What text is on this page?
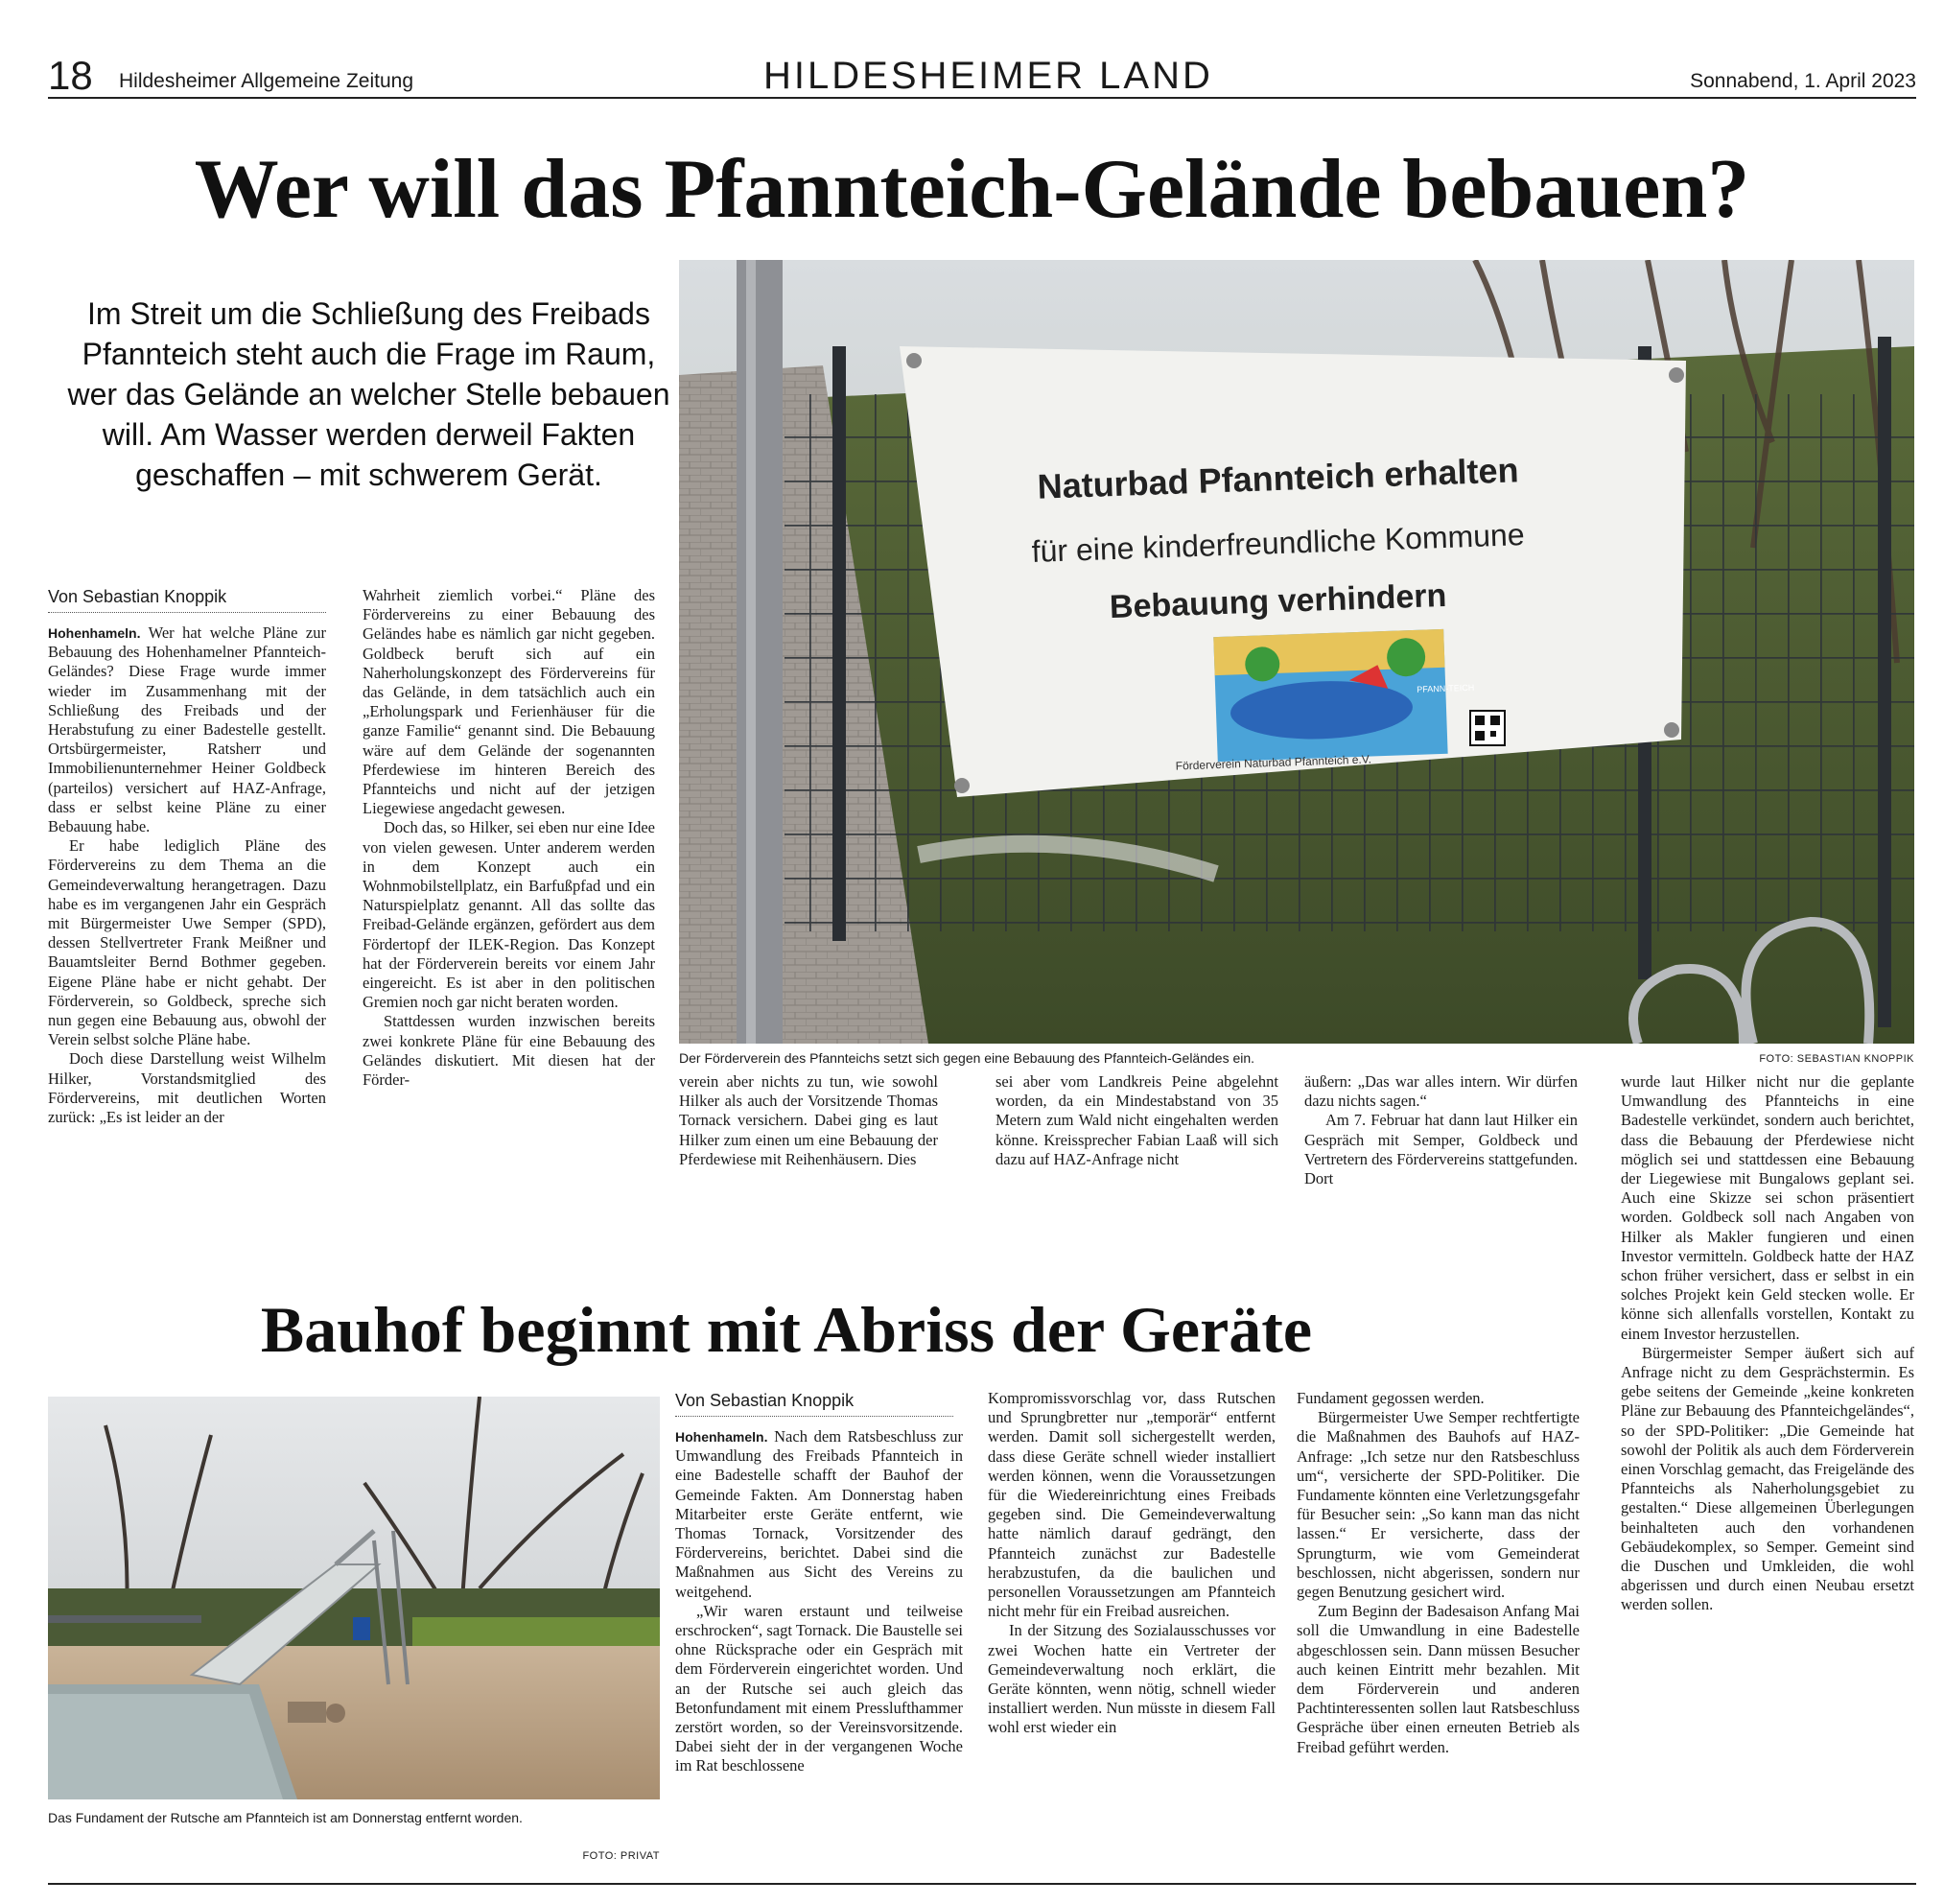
18 Hildesheimer Allgemeine Zeitung	HILDESHEIMER LAND	Sonnabend, 1. April 2023
Wer will das Pfannteich-Gelände bebauen?
Im Streit um die Schließung des Freibads Pfannteich steht auch die Frage im Raum, wer das Gelände an welcher Stelle bebauen will. Am Wasser werden derweil Fakten geschaffen – mit schwerem Gerät.
Von Sebastian Knoppik

Hohenhameln. Wer hat welche Pläne zur Bebauung des Hohenhamelner Pfannteich-Geländes? Diese Frage wurde immer wieder im Zusammenhang mit der Schließung des Freibads und der Herabstufung zu einer Badestelle gestellt. Ortsbürgermeister, Ratsherr und Immobilienunternehmer Heiner Goldbeck (parteilos) versichert auf HAZ-Anfrage, dass er selbst keine Pläne zu einer Bebauung habe.

Er habe lediglich Pläne des Fördervereins zu dem Thema an die Gemeindeverwaltung herangetragen. Dazu habe es im vergangenen Jahr ein Gespräch mit Bürgermeister Uwe Semper (SPD), dessen Stellvertreter Frank Meißner und Bauamtsleiter Bernd Bothmer gegeben. Eigene Pläne habe er nicht gehabt. Der Förderverein, so Goldbeck, spreche sich nun gegen eine Bebauung aus, obwohl der Verein selbst solche Pläne habe.

Doch diese Darstellung weist Wilhelm Hilker, Vorstandsmitglied des Fördervereins, mit deutlichen Worten zurück: „Es ist leider an der

Wahrheit ziemlich vorbei.“ Pläne des Fördervereins zu einer Bebauung des Geländes habe es nämlich gar nicht gegeben. Goldbeck beruft sich auf ein Naherholungskonzept des Fördervereins für das Gelände, in dem tatsächlich auch ein „Erholungspark und Ferienhäuser für die ganze Familie“ genannt sind. Die Bebauung wäre auf dem Gelände der sogenannten Pferdewiese im hinteren Bereich des Pfannteichs und nicht auf der jetzigen Liegewiese angedacht gewesen.

Doch das, so Hilker, sei eben nur eine Idee von vielen gewesen. Unter anderem werden in dem Konzept auch ein Wohnmobilstellplatz, ein Barfußpfad und ein Naturspielplatz genannt. All das sollte das Freibad-Gelände ergänzen, gefördert aus dem Fördertopf der ILEK-Region. Das Konzept hat der Förderverein bereits vor einem Jahr eingereicht. Es ist aber in den politischen Gremien noch gar nicht beraten worden.

Stattdessen wurden inzwischen bereits zwei konkrete Pläne für eine Bebauung des Geländes diskutiert. Mit diesen hat der Förder-

Naturbad Pfannteich erhalten
für eine kinderfreundliche Kommune
Bebauung verhindern
PFANN-TEICH
Förderverein Naturbad Pfannteich e.V.
Der Förderverein des Pfannteichs setzt sich gegen eine Bebauung des Pfannteich-Geländes ein.	FOTO: SEBASTIAN KNOPPIK

verein aber nichts zu tun, wie sowohl Hilker als auch der Vorsitzende Thomas Tornack versichern. Dabei ging es laut Hilker zum einen um eine Bebauung der Pferdewiese mit Reihenhäusern. Dies

sei aber vom Landkreis Peine abgelehnt worden, da ein Mindestabstand von 35 Metern zum Wald nicht eingehalten werden könne. Kreissprecher Fabian Laaß will sich dazu auf HAZ-Anfrage nicht

äußern: „Das war alles intern. Wir dürfen dazu nichts sagen.“

Am 7. Februar hat dann laut Hilker ein Gespräch mit Semper, Goldbeck und Vertretern des Fördervereins stattgefunden. Dort

wurde laut Hilker nicht nur die geplante Umwandlung des Pfannteichs in eine Badestelle verkündet, sondern auch berichtet, dass die Bebauung der Pferdewiese nicht möglich sei und stattdessen eine Bebauung der Liegewiese mit Bungalows geplant sei. Auch eine Skizze sei schon präsentiert worden. Goldbeck soll nach Angaben von Hilker als Makler fungieren und einen Investor vermitteln. Goldbeck hatte der HAZ schon früher versichert, dass er selbst in ein solches Projekt kein Geld stecken wolle. Er könne sich allenfalls vorstellen, Kontakt zu einem Investor herzustellen.

Bürgermeister Semper äußert sich auf Anfrage nicht zu dem Gesprächstermin. Es gebe seitens der Gemeinde „keine konkreten Pläne zur Bebauung des Pfannteichgeländes“, so der SPD-Politiker: „Die Gemeinde hat sowohl der Politik als auch dem Förderverein einen Vorschlag gemacht, das Freigelände des Pfannteichs als Naherholungsgebiet zu gestalten.“ Diese allgemeinen Überlegungen beinhalteten auch den vorhandenen Gebäudekomplex, so Semper. Gemeint sind die Duschen und Umkleiden, die wohl abgerissen und durch einen Neubau ersetzt werden sollen.

Bauhof beginnt mit Abriss der Geräte
Das Fundament der Rutsche am Pfannteich ist am Donnerstag entfernt worden.
FOTO: PRIVAT
Von Sebastian Knoppik

Hohenhameln. Nach dem Ratsbeschluss zur Umwandlung des Freibads Pfannteich in eine Badestelle schafft der Bauhof der Gemeinde Fakten. Am Donnerstag haben Mitarbeiter erste Geräte entfernt, wie Thomas Tornack, Vorsitzender des Fördervereins, berichtet. Dabei sind die Maßnahmen aus Sicht des Vereins zu weitgehend.

„Wir waren erstaunt und teilweise erschrocken“, sagt Tornack. Die Baustelle sei ohne Rücksprache oder ein Gespräch mit dem Förderverein eingerichtet worden. Und an der Rutsche sei auch gleich das Betonfundament mit einem Presslufthammer zerstört worden, so der Vereinsvorsitzende. Dabei sieht der in der vergangenen Woche im Rat beschlossene

Kompromissvorschlag vor, dass Rutschen und Sprungbretter nur „temporär“ entfernt werden. Damit soll sichergestellt werden, dass diese Geräte schnell wieder installiert werden können, wenn die Voraussetzungen für die Wiedereinrichtung eines Freibads gegeben sind. Die Gemeindeverwaltung hatte nämlich darauf gedrängt, den Pfannteich zunächst zur Badestelle herabzustufen, da die baulichen und personellen Voraussetzungen am Pfannteich nicht mehr für ein Freibad ausreichen.

In der Sitzung des Sozialausschusses vor zwei Wochen hatte ein Vertreter der Gemeindeverwaltung noch erklärt, die Geräte könnten, wenn nötig, schnell wieder installiert werden. Nun müsste in diesem Fall wohl erst wieder ein

Fundament gegossen werden.

Bürgermeister Uwe Semper rechtfertigte die Maßnahmen des Bauhofs auf HAZ-Anfrage: „Ich setze nur den Ratsbeschluss um“, versicherte der SPD-Politiker. Die Fundamente könnten eine Verletzungsgefahr für Besucher sein: „So kann man das nicht lassen.“ Er versicherte, dass der Sprungturm, wie vom Gemeinderat beschlossen, nicht abgerissen, sondern nur gegen Benutzung gesichert wird.

Zum Beginn der Badesaison Anfang Mai soll die Umwandlung in eine Badestelle abgeschlossen sein. Dann müssen Besucher auch keinen Eintritt mehr bezahlen. Mit dem Förderverein und anderen Pachtinteressenten sollen laut Ratsbeschluss Gespräche über einen erneuten Betrieb als Freibad geführt werden.
